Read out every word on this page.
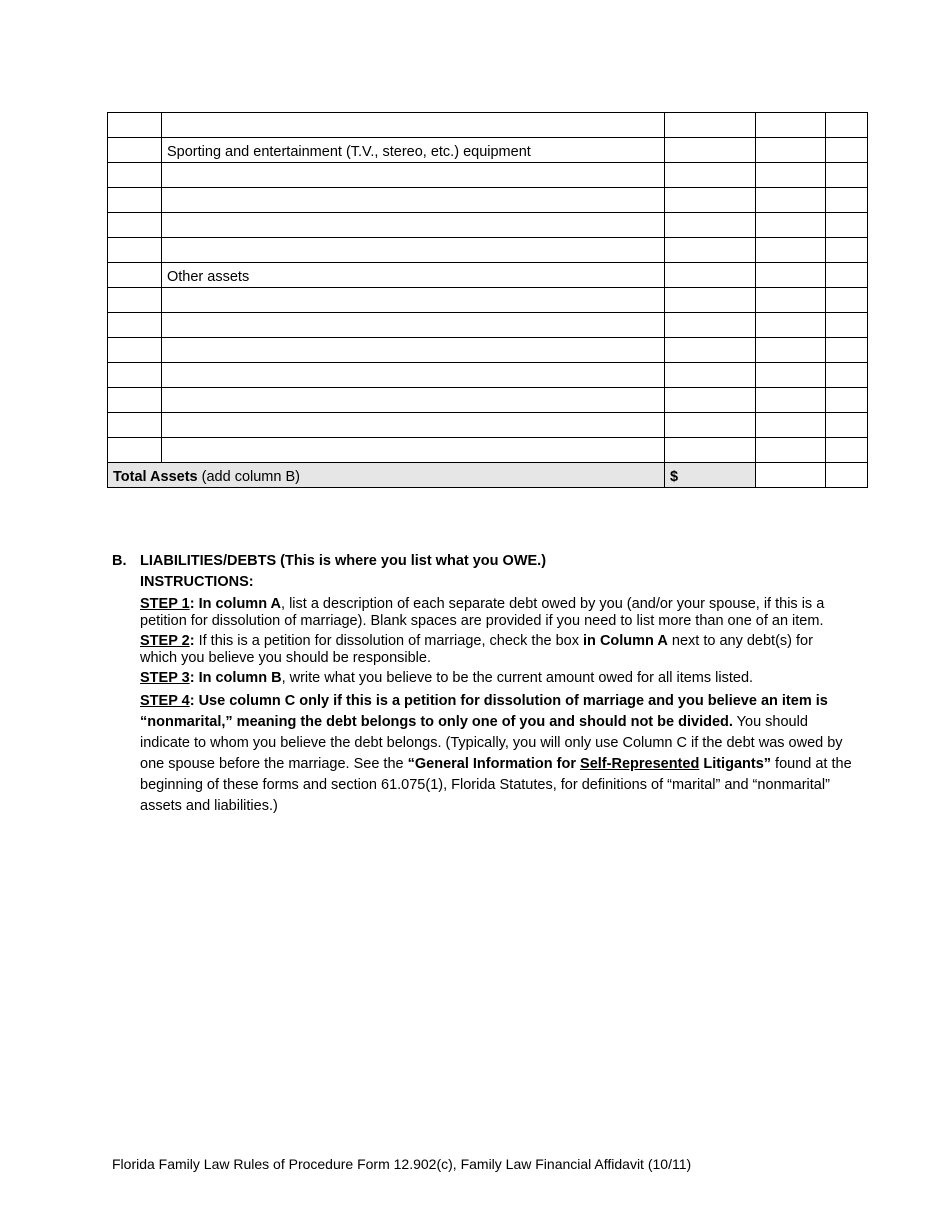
	Sporting and entertainment (T.V., stereo, etc.) equipment			

	Other assets			

Total Assets (add column B)		$		
B. LIABILITIES/DEBTS (This is where you list what you OWE.)
INSTRUCTIONS:
STEP 1: In column A, list a description of each separate debt owed by you (and/or your spouse, if this is a petition for dissolution of marriage). Blank spaces are provided if you need to list more than one of an item.
STEP 2: If this is a petition for dissolution of marriage, check the box in Column A next to any debt(s) for which you believe you should be responsible.
STEP 3: In column B, write what you believe to be the current amount owed for all items listed.
STEP 4: Use column C only if this is a petition for dissolution of marriage and you believe an item is “nonmarital,” meaning the debt belongs to only one of you and should not be divided. You should indicate to whom you believe the debt belongs. (Typically, you will only use Column C if the debt was owed by one spouse before the marriage. See the “General Information for Self-Represented Litigants” found at the beginning of these forms and section 61.075(1), Florida Statutes, for definitions of “marital” and “nonmarital” assets and liabilities.)
Florida Family Law Rules of Procedure Form 12.902(c), Family Law Financial Affidavit (10/11)
